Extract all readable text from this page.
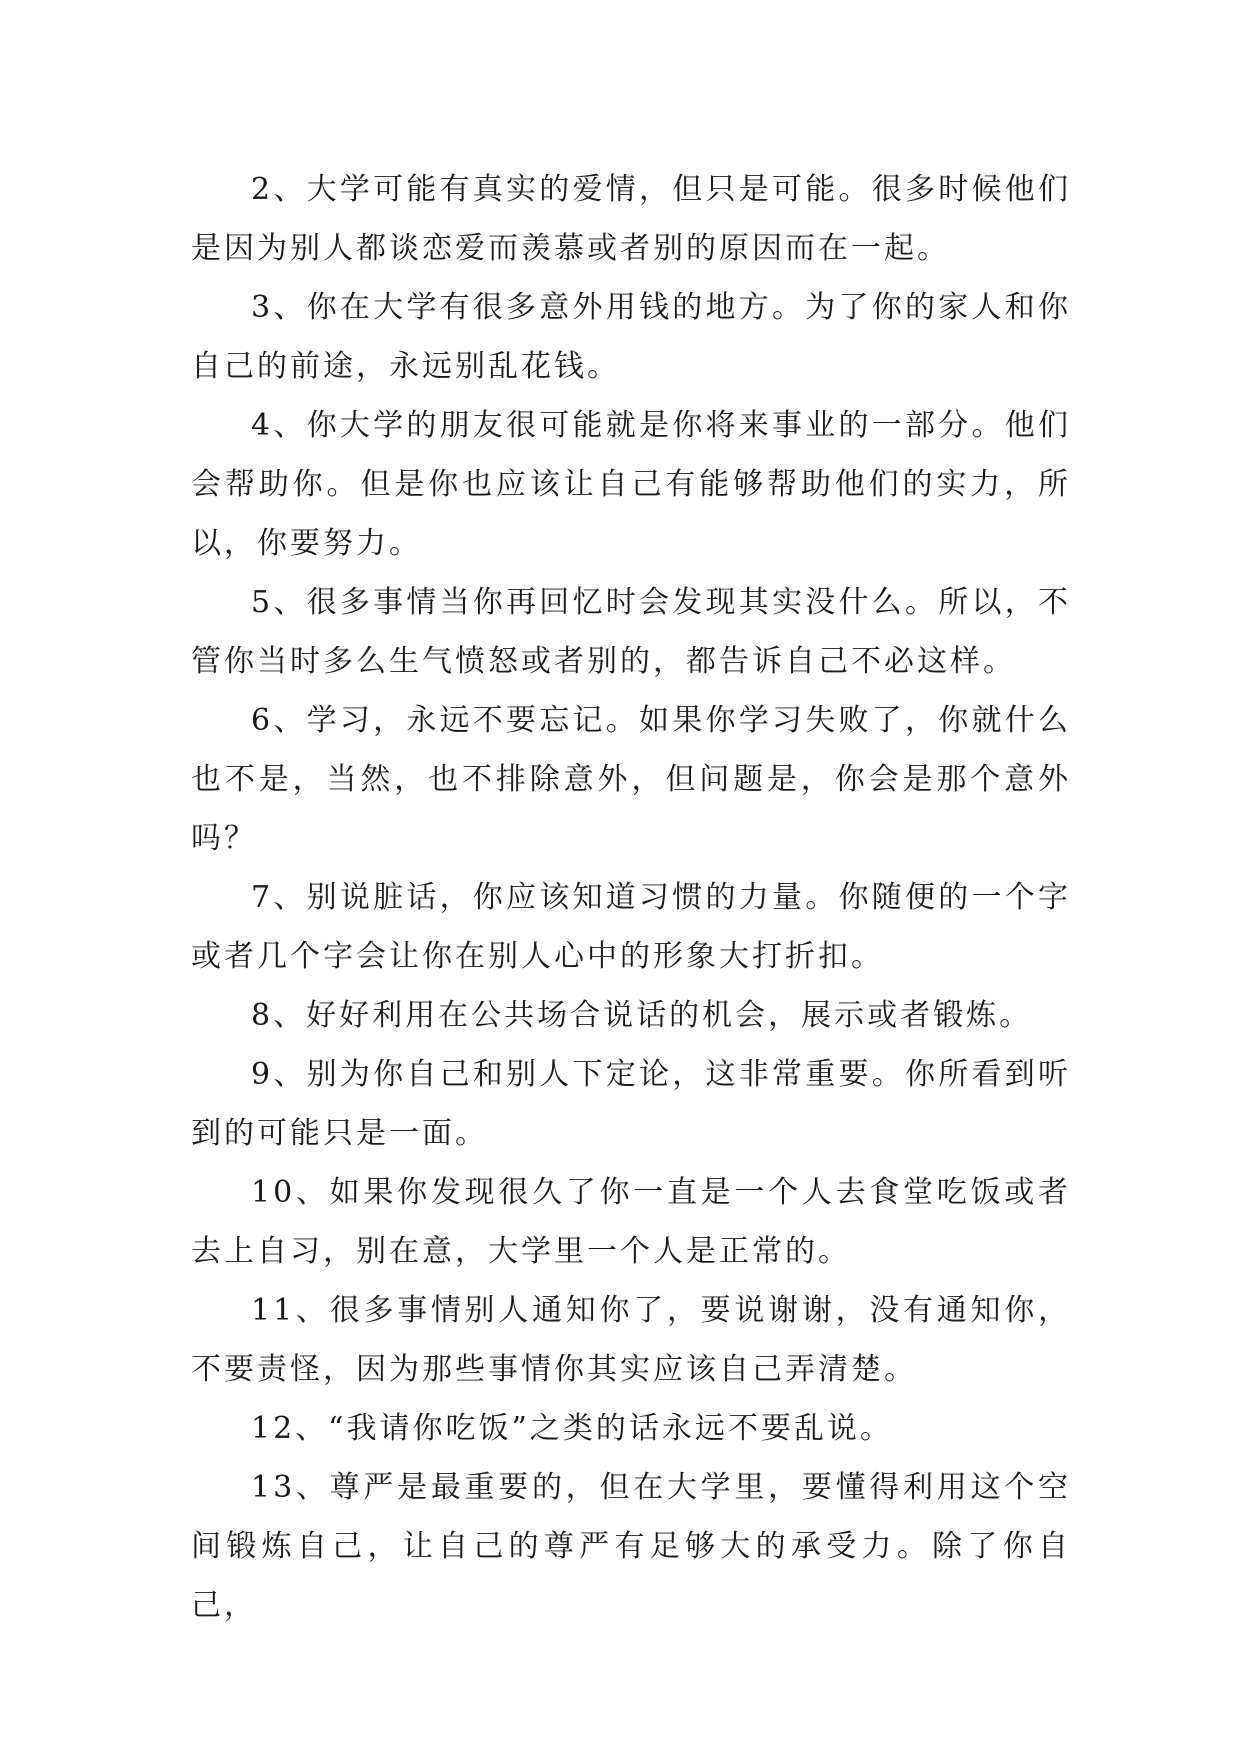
2、大学可能有真实的爱情，但只是可能。很多时候他们是因为别人都谈恋爱而羡慕或者别的原因而在一起。

3、你在大学有很多意外用钱的地方。为了你的家人和你自己的前途，永远别乱花钱。

4、你大学的朋友很可能就是你将来事业的一部分。他们会帮助你。但是你也应该让自己有能够帮助他们的实力，所以，你要努力。

5、很多事情当你再回忆时会发现其实没什么。所以，不管你当时多么生气愤怒或者别的，都告诉自己不必这样。

6、学习，永远不要忘记。如果你学习失败了，你就什么也不是，当然，也不排除意外，但问题是，你会是那个意外吗？

7、别说脏话，你应该知道习惯的力量。你随便的一个字或者几个字会让你在别人心中的形象大打折扣。

8、好好利用在公共场合说话的机会，展示或者锻炼。

9、别为你自己和别人下定论，这非常重要。你所看到听到的可能只是一面。

10、如果你发现很久了你一直是一个人去食堂吃饭或者去上自习，别在意，大学里一个人是正常的。

11、很多事情别人通知你了，要说谢谢，没有通知你，不要责怪，因为那些事情你其实应该自己弄清楚。

12、“我请你吃饭”之类的话永远不要乱说。

13、尊严是最重要的，但在大学里，要懂得利用这个空间锻炼自己，让自己的尊严有足够大的承受力。除了你自己，
